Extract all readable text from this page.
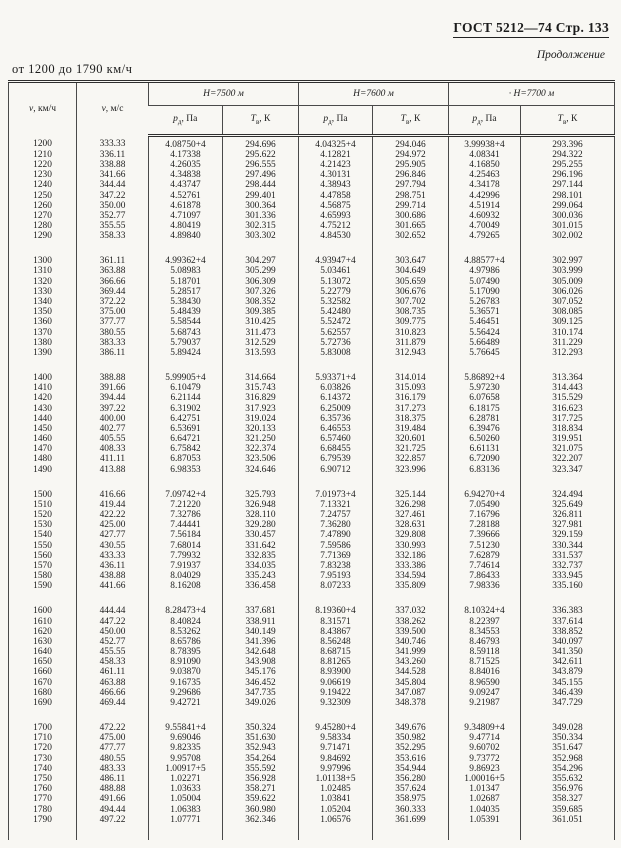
ГОСТ 5212—74 Стр. 133
Продолжение
от 1200 до 1790 км/ч
v, км/ч	v, м/с	H=7500 м		H=7600 м		· H=7700 м	
		$p_д$, Па	$T_в$, К	$p_д$, Па	$T_в$, К	$p_д$, Па	$T_в$, К
1200	333.33	4.08750+4	294.696	4.04325+4	294.046	3.99938+4	293.396
1210	336.11	4.17338	295.622	4.12821	294.972	4.08341	294.322
1220	338.88	4.26035	296.555	4.21423	295.905	4.16850	295.255
1230	341.66	4.34838	297.496	4.30131	296.846	4.25463	296.196
1240	344.44	4.43747	298.444	4.38943	297.794	4.34178	297.144
1250	347.22	4.52761	299.401	4.47858	298.751	4.42996	298.101
1260	350.00	4.61878	300.364	4.56875	299.714	4.51914	299.064
1270	352.77	4.71097	301.336	4.65993	300.686	4.60932	300.036
1280	355.55	4.80419	302.315	4.75212	301.665	4.70049	301.015
1290	358.33	4.89840	303.302	4.84530	302.652	4.79265	302.002

1300	361.11	4.99362+4	304.297	4.93947+4	303.647	4.88577+4	302.997
1310	363.88	5.08983	305.299	5.03461	304.649	4.97986	303.999
1320	366.66	5.18701	306.309	5.13072	305.659	5.07490	305.009
1330	369.44	5.28517	307.326	5.22779	306.676	5.17090	306.026
1340	372.22	5.38430	308.352	5.32582	307.702	5.26783	307.052
1350	375.00	5.48439	309.385	5.42480	308.735	5.36571	308.085
1360	377.77	5.58544	310.425	5.52472	309.775	5.46451	309.125
1370	380.55	5.68743	311.473	5.62557	310.823	5.56424	310.174
1380	383.33	5.79037	312.529	5.72736	311.879	5.66489	311.229
1390	386.11	5.89424	313.593	5.83008	312.943	5.76645	312.293

1400	388.88	5.99905+4	314.664	5.93371+4	314.014	5.86892+4	313.364
1410	391.66	6.10479	315.743	6.03826	315.093	5.97230	314.443
1420	394.44	6.21144	316.829	6.14372	316.179	6.07658	315.529
1430	397.22	6.31902	317.923	6.25009	317.273	6.18175	316.623
1440	400.00	6.42751	319.024	6.35736	318.375	6.28781	317.725
1450	402.77	6.53691	320.133	6.46553	319.484	6.39476	318.834
1460	405.55	6.64721	321.250	6.57460	320.601	6.50260	319.951
1470	408.33	6.75842	322.374	6.68455	321.725	6.61131	321.075
1480	411.11	6.87053	323.506	6.79539	322.857	6.72090	322.207
1490	413.88	6.98353	324.646	6.90712	323.996	6.83136	323.347

1500	416.66	7.09742+4	325.793	7.01973+4	325.144	6.94270+4	324.494
1510	419.44	7.21220	326.948	7.13321	326.298	7.05490	325.649
1520	422.22	7.32786	328.110	7.24757	327.461	7.16796	326.811
1530	425.00	7.44441	329.280	7.36280	328.631	7.28188	327.981
1540	427.77	7.56184	330.457	7.47890	329.808	7.39666	329.159
1550	430.55	7.68014	331.642	7.59586	330.993	7.51230	330.344
1560	433.33	7.79932	332.835	7.71369	332.186	7.62879	331.537
1570	436.11	7.91937	334.035	7.83238	333.386	7.74614	332.737
1580	438.88	8.04029	335.243	7.95193	334.594	7.86433	333.945
1590	441.66	8.16208	336.458	8.07233	335.809	7.98336	335.160

1600	444.44	8.28473+4	337.681	8.19360+4	337.032	8.10324+4	336.383
1610	447.22	8.40824	338.911	8.31571	338.262	8.22397	337.614
1620	450.00	8.53262	340.149	8.43867	339.500	8.34553	338.852
1630	452.77	8.65786	341.396	8.56248	340.746	8.46793	340.097
1640	455.55	8.78395	342.648	8.68715	341.999	8.59118	341.350
1650	458.33	8.91090	343.908	8.81265	343.260	8.71525	342.611
1660	461.11	9.03870	345.176	8.93900	344.528	8.84016	343.879
1670	463.88	9.16735	346.452	9.06619	345.804	8.96590	345.155
1680	466.66	9.29686	347.735	9.19422	347.087	9.09247	346.439
1690	469.44	9.42721	349.026	9.32309	348.378	9.21987	347.729

1700	472.22	9.55841+4	350.324	9.45280+4	349.676	9.34809+4	349.028
1710	475.00	9.69046	351.630	9.58334	350.982	9.47714	350.334
1720	477.77	9.82335	352.943	9.71471	352.295	9.60702	351.647
1730	480.55	9.95708	354.264	9.84692	353.616	9.73772	352.968
1740	483.33	1.00917+5	355.592	9.97996	354.944	9.86923	354.296
1750	486.11	1.02271	356.928	1.01138+5	356.280	1.00016+5	355.632
1760	488.88	1.03633	358.271	1.02485	357.624	1.01347	356.976
1770	491.66	1.05004	359.622	1.03841	358.975	1.02687	358.327
1780	494.44	1.06383	360.980	1.05204	360.333	1.04035	359.685
1790	497.22	1.07771	362.346	1.06576	361.699	1.05391	361.051
